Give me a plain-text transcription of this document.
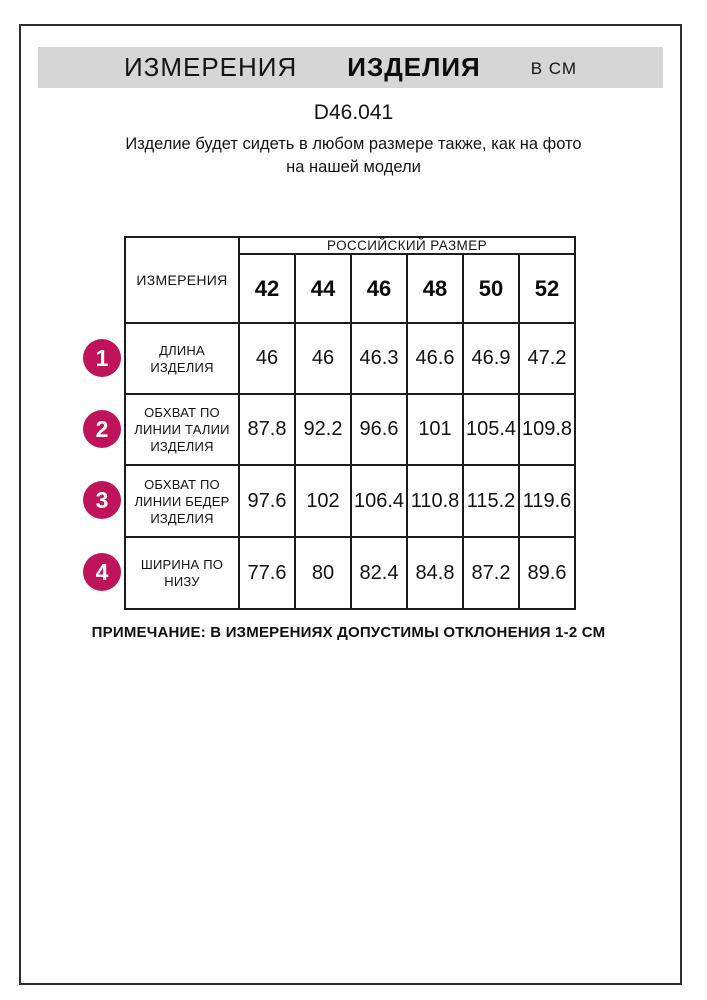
ИЗМЕРЕНИЯ ИЗДЕЛИЯ	В СМ
D46.041
Изделие будет сидеть в любом размере также, как на фото
на нашей модели
ИЗМЕРЕНИЯ	РОССИЙСКИЙ РАЗМЕР					
	42	44	46	48	50	52
ДЛИНА ИЗДЕЛИЯ	46	46	46.3	46.6	46.9	47.2
ОБХВАТ ПО ЛИНИИ ТАЛИИ ИЗДЕЛИЯ	87.8	92.2	96.6	101	105.4	109.8
ОБХВАТ ПО ЛИНИИ БЕДЕР ИЗДЕЛИЯ	97.6	102	106.4	110.8	115.2	119.6
ШИРИНА ПО НИЗУ	77.6	80	82.4	84.8	87.2	89.6
1
2
3
4
ПРИМЕЧАНИЕ: В ИЗМЕРЕНИЯХ ДОПУСТИМЫ ОТКЛОНЕНИЯ 1-2 СМ
